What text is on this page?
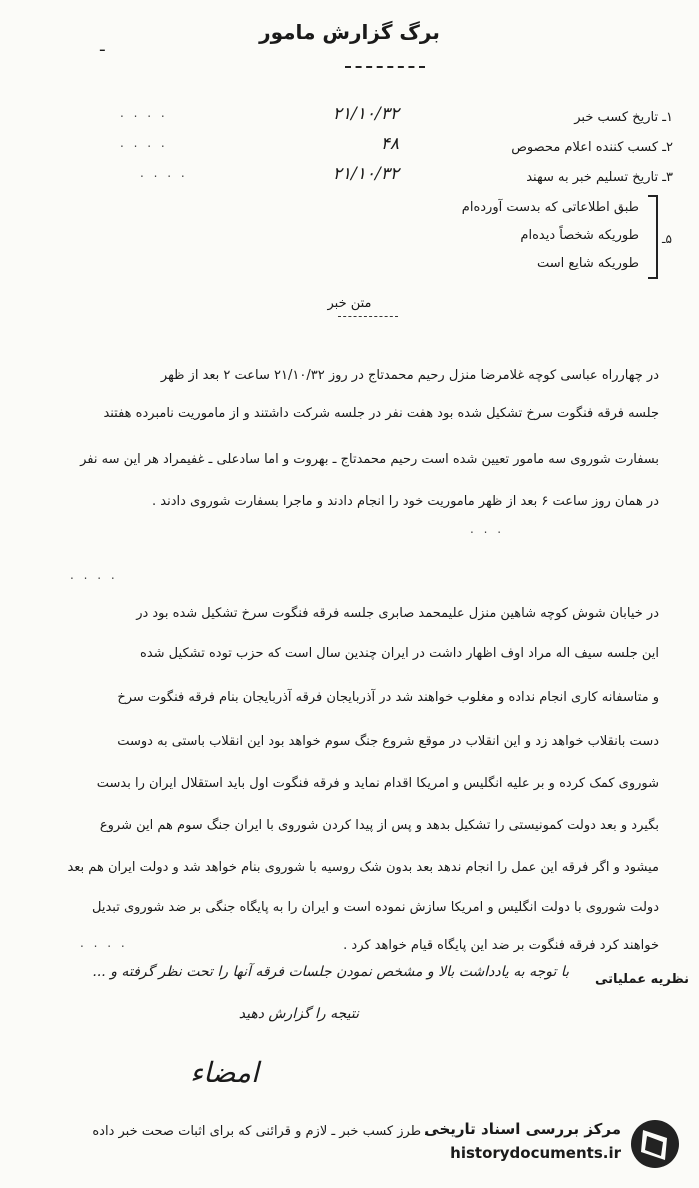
ـ
برگ گزارش مامور
۱ـ تاریخ کسب خبر
۲۱/۱۰/۳۲
. . . .
۲ـ کسب کننده اعلام محصوص
۴۸
. . . .
۳ـ تاریخ تسلیم خبر به سهند
۲۱/۱۰/۳۲
. . . .
۵ـ
طبق اطلاعاتی که بدست آورده‌ام
طوریکه شخصاً دیده‌ام
طوریکه شایع است
متن خبر
در چهارراه عباسی کوچه غلامرضا منزل رحیم محمدتاج در روز ۲۱/۱۰/۳۲ ساعت ۲ بعد از ظهر
جلسه فرقه فنگوت سرخ تشکیل شده بود هفت نفر در جلسه شرکت داشتند و از ماموریت نامبرده هفتند
بسفارت شوروی سه مامور تعیین شده است رحیم محمدتاج ـ بهروت و اما سادعلی ـ غفیمراد هر این سه نفر
در همان روز ساعت ۶ بعد از ظهر ماموریت خود را انجام دادند و ماجرا بسفارت شوروی دادند .
. . .
. . . .
در خیابان شوش کوچه شاهین منزل علیمحمد صابری جلسه فرقه فنگوت سرخ تشکیل شده بود در
این جلسه سیف اله مراد اوف اظهار داشت در ایران چندین سال است که حزب توده تشکیل شده
و متاسفانه کاری انجام نداده و مغلوب خواهند شد در آذربایجان فرقه آذربایجان بنام فرقه فنگوت سرخ
دست بانقلاب خواهد زد و این انقلاب در موقع شروع جنگ سوم خواهد بود این انقلاب باستی به دوست
شوروی کمک کرده و بر علیه انگلیس و امریکا اقدام نماید و فرقه فنگوت اول باید استقلال ایران را بدست
بگیرد و بعد دولت کمونیستی را تشکیل بدهد و پس از پیدا کردن شوروی با ایران جنگ سوم هم این شروع
میشود و اگر فرقه این عمل را انجام ندهد بعد بدون شک روسیه با شوروی بنام خواهد شد و دولت ایران هم بعد
دولت شوروی با دولت انگلیس و امریکا سازش نموده است و ایران را به پایگاه جنگی بر ضد شوروی تبدیل
خواهند کرد فرقه فنگوت بر ضد این پایگاه قیام خواهد کرد .
. . . .
نظریه عملیاتی
با توجه به یادداشت بالا و مشخص نمودن جلسات فرقه آنها را تحت نظر گرفته و ...
نتیجه را گزارش دهید
امضاء
ـ طرز کسب خبر ـ لازم و قرائنی که برای اثبات صحت خبر داده
مرکز بررسی اسناد تاریخی
historydocuments.ir
